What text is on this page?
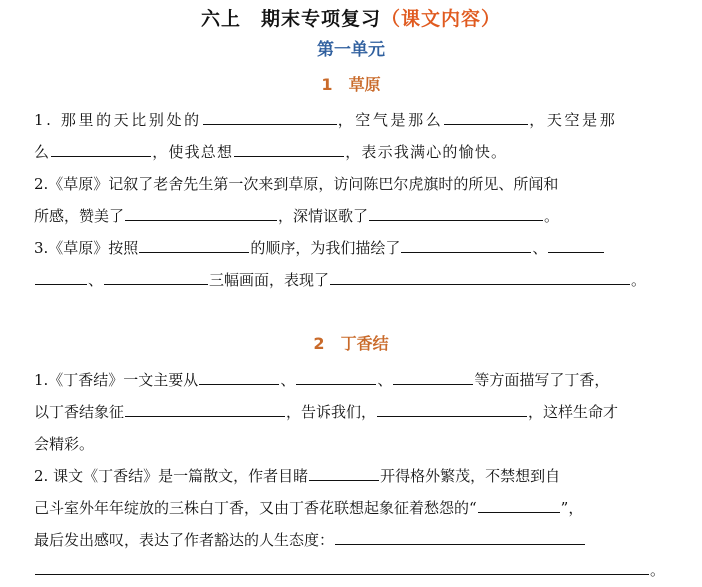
六上　期末专项复习（课文内容）
第一单元
1 草原
1. 那里的天比别处的	，空气是那么	，天空是那
么	，使我总想	，表示我满心的愉快。
2.《草原》记叙了老舍先生第一次来到草原，访问陈巴尔虎旗时的所见、所闻和
所感，赞美了	，深情讴歌了	。
3.《草原》按照	的顺序，为我们描绘了	、
、	三幅画面，表现了	。
2 丁香结
1.《丁香结》一文主要从	、	、	等方面描写了丁香，
以丁香结象征	，告诉我们，	，这样生命才
会精彩。
2. 课文《丁香结》是一篇散文，作者目睹	开得格外繁茂，不禁想到自
己斗室外年年绽放的三株白丁香，又由丁香花联想起象征着愁怨的“	”，
最后发出感叹，表达了作者豁达的人生态度：
。
